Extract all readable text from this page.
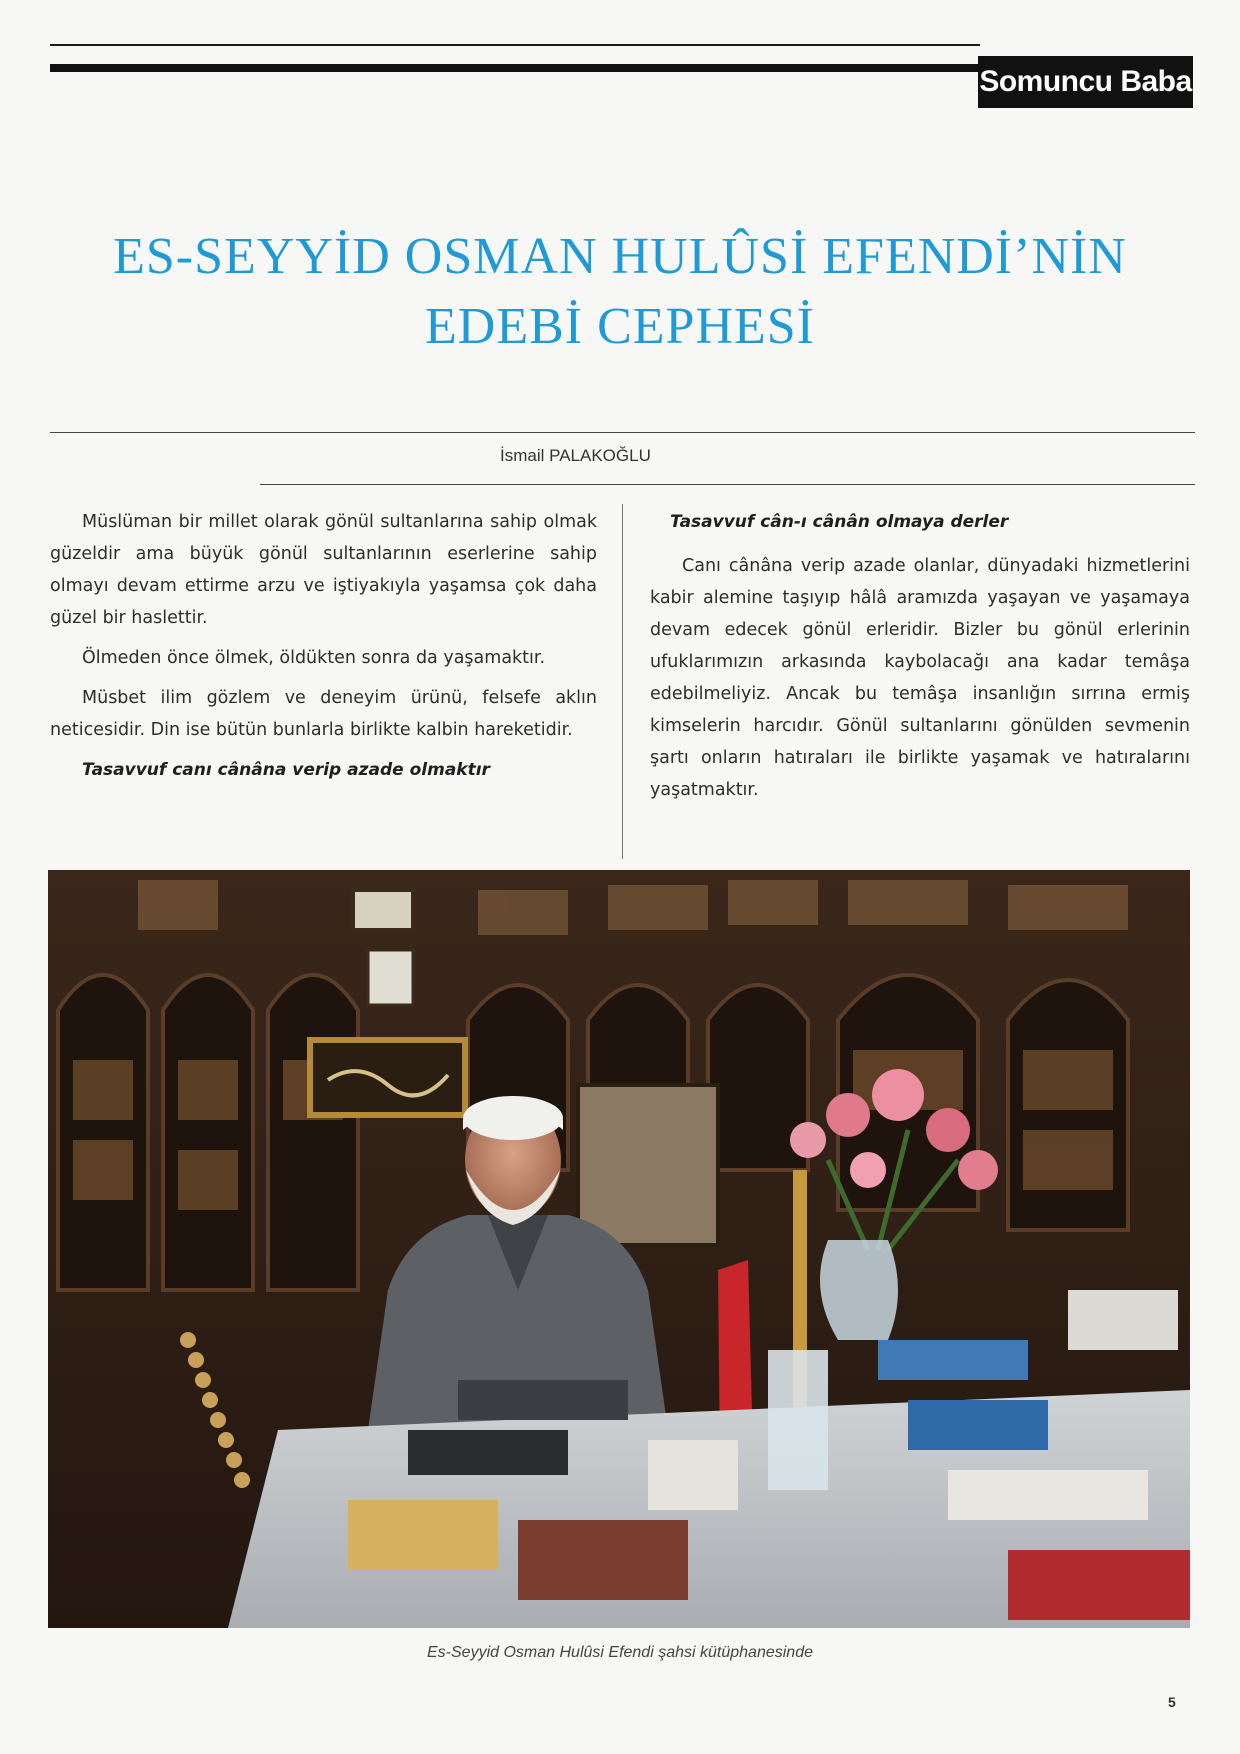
Somuncu Baba
ES-SEYYİD OSMAN HULÛSİ EFENDİ’NİN
EDEBİ CEPHESİ
İsmail PALAKOĞLU

Müslüman bir millet olarak gönül sultanlarına sahip olmak güzeldir ama büyük gönül sultanlarının eserlerine sahip olmayı devam ettirme arzu ve iştiyakıyla yaşamsa çok daha güzel bir haslettir.

Ölmeden önce ölmek, öldükten sonra da yaşamaktır.

Müsbet ilim gözlem ve deneyim ürünü, felsefe aklın neticesidir. Din ise bütün bunlarla birlikte kalbin hareketidir.

Tasavvuf canı cânâna verip azade olmaktır
Tasavvuf cân-ı cânân olmaya derler

Canı cânâna verip azade olanlar, dünyadaki hizmetlerini kabir alemine taşıyıp hâlâ aramızda yaşayan ve yaşamaya devam edecek gönül erleridir. Bizler bu gönül erlerinin ufuklarımızın arkasında kaybolacağı ana kadar temâşa edebilmeliyiz. Ancak bu temâşa insanlığın sırrına ermiş kimselerin harcıdır. Gönül sultanlarını gönülden sevmenin şartı onların hatıraları ile birlikte yaşamak ve hatıralarını yaşatmaktır.

Es-Seyyid Osman Hulûsi Efendi şahsi kütüphanesinde
5
